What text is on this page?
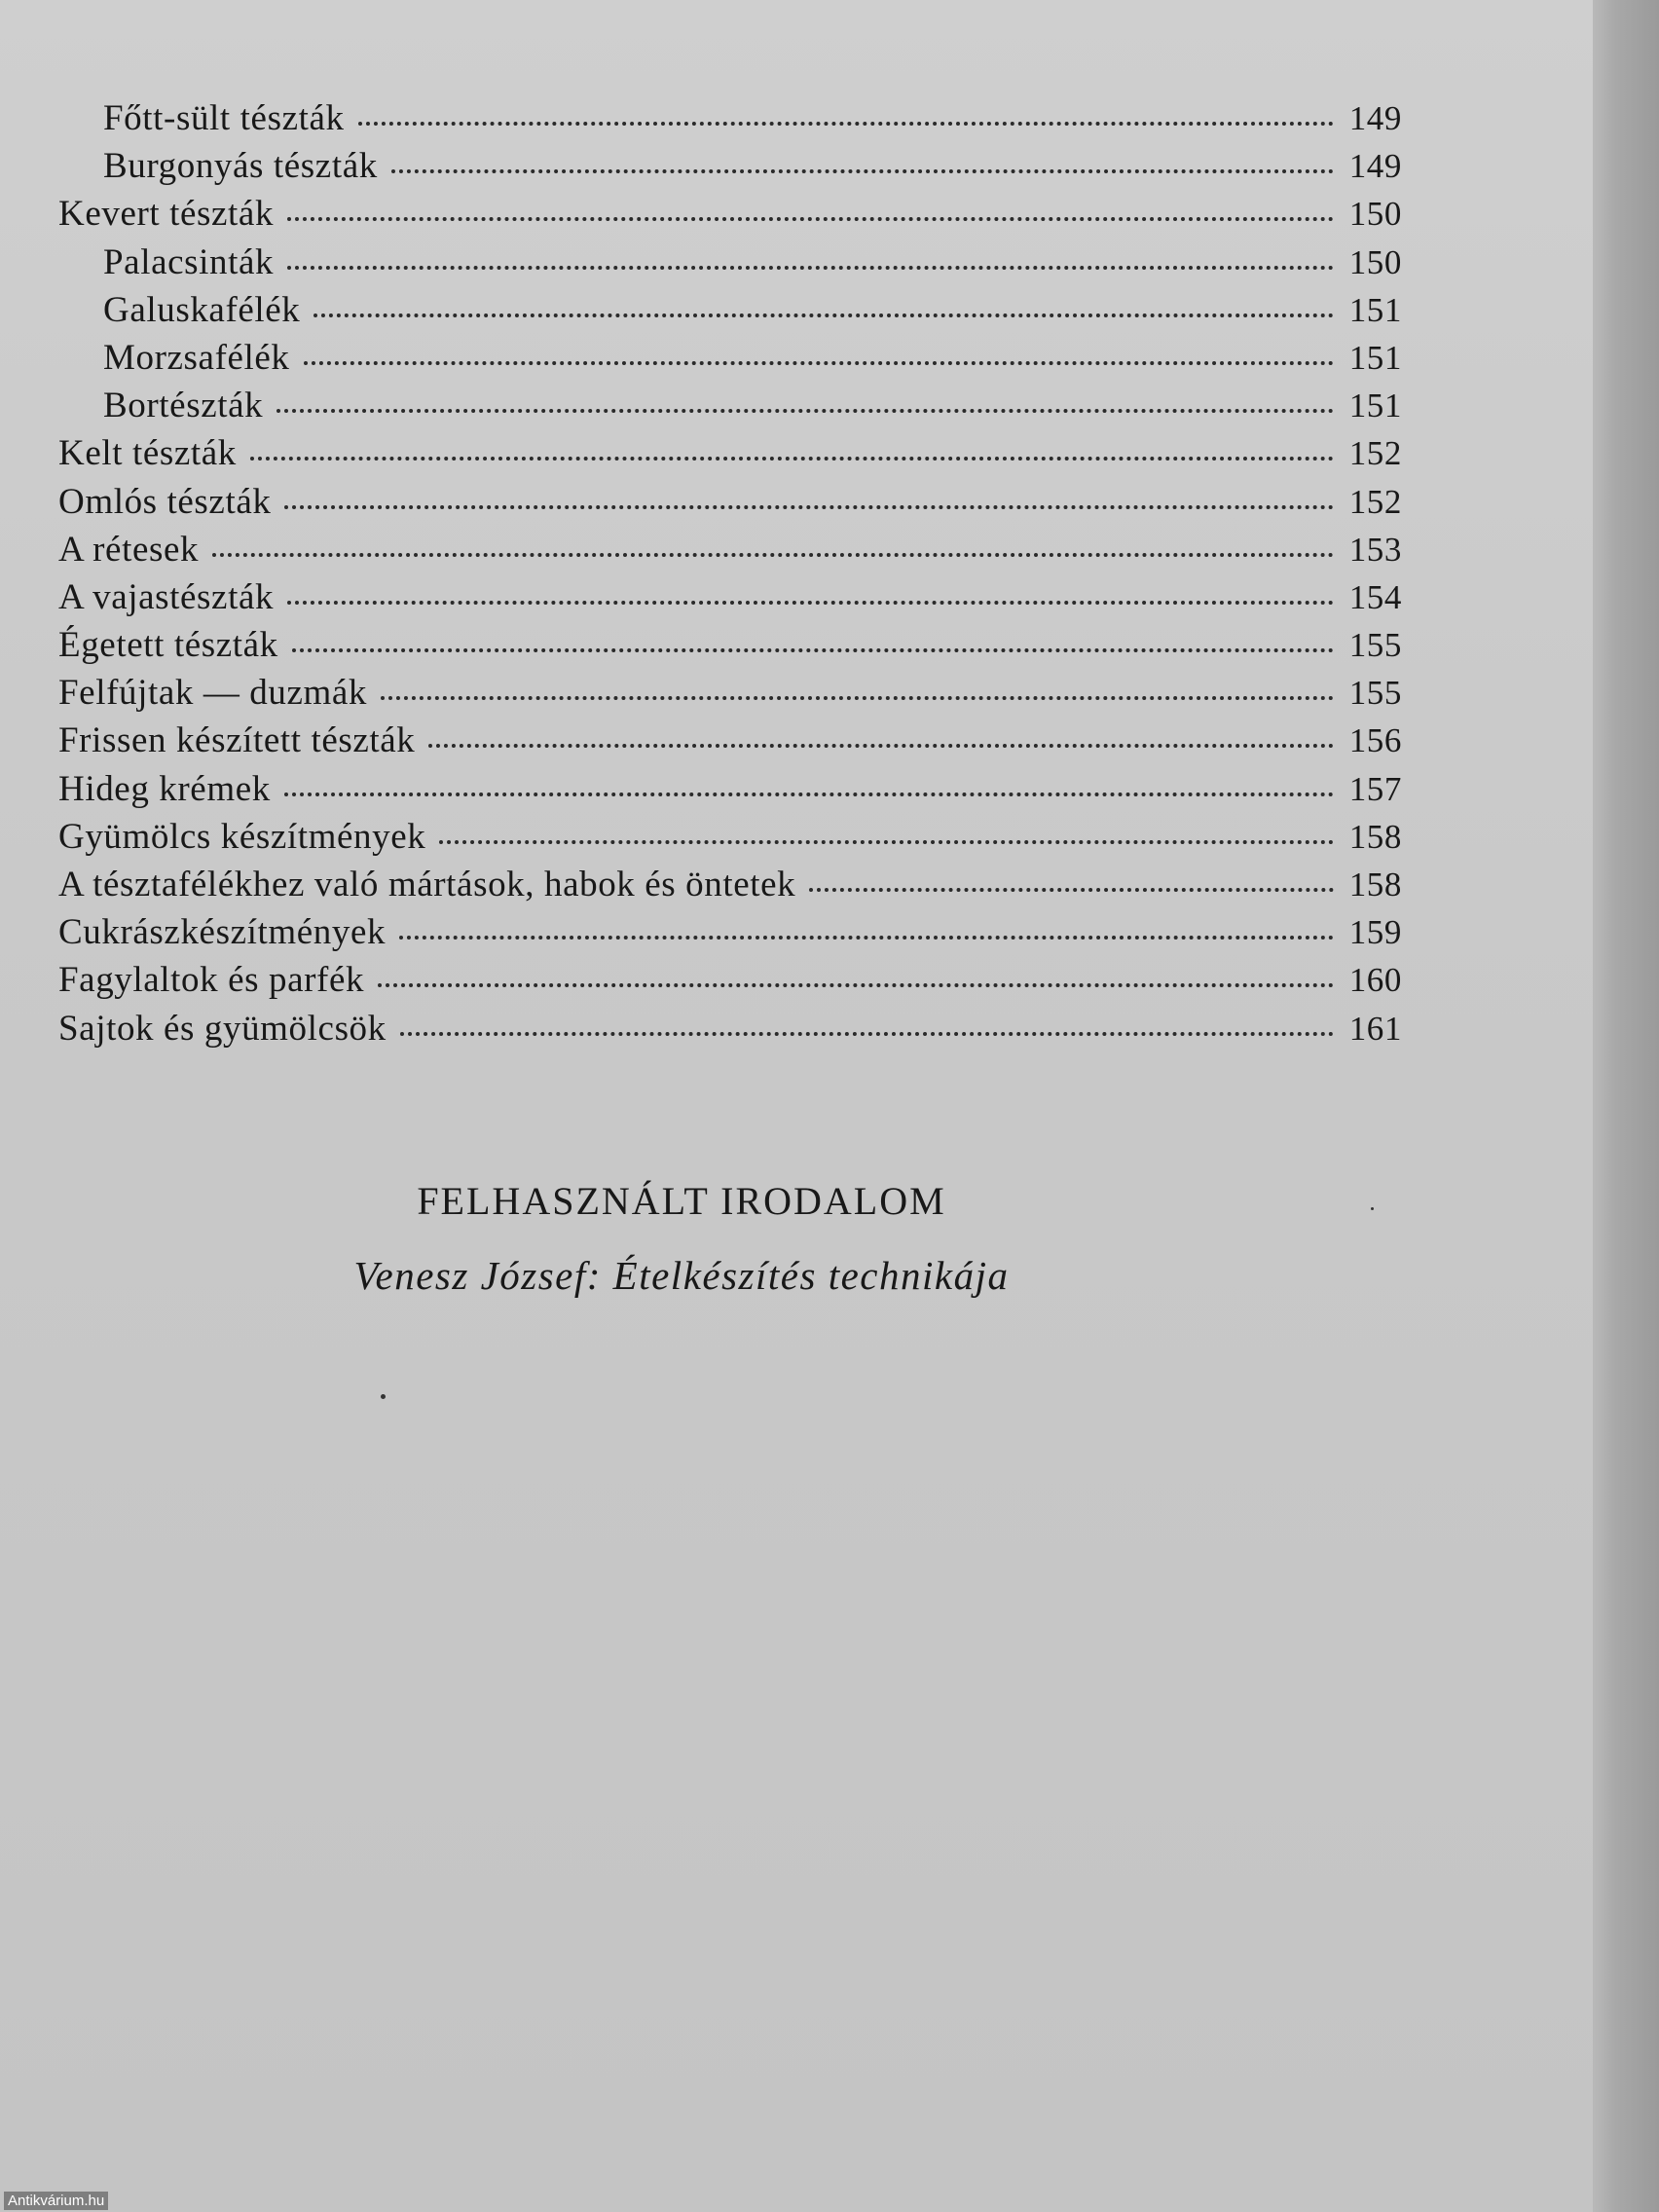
Főtt-sült tészták	149
Burgonyás tészták	149
Kevert tészták	150
Palacsinták	150
Galuskafélék	151
Morzsafélék	151
Bortészták	151
Kelt tészták	152
Omlós tészták	152
A rétesek	153
A vajastészták	154
Égetett tészták	155
Felfújtak — duzmák	155
Frissen készített tészták	156
Hideg krémek	157
Gyümölcs készítmények	158
A tésztafélékhez való mártások, habok és öntetek	158
Cukrászkészítmények	159
Fagylaltok és parfék	160
Sajtok és gyümölcsök	161
FELHASZNÁLT IRODALOM
Venesz József: Ételkészítés technikája
Antikvárium.hu
